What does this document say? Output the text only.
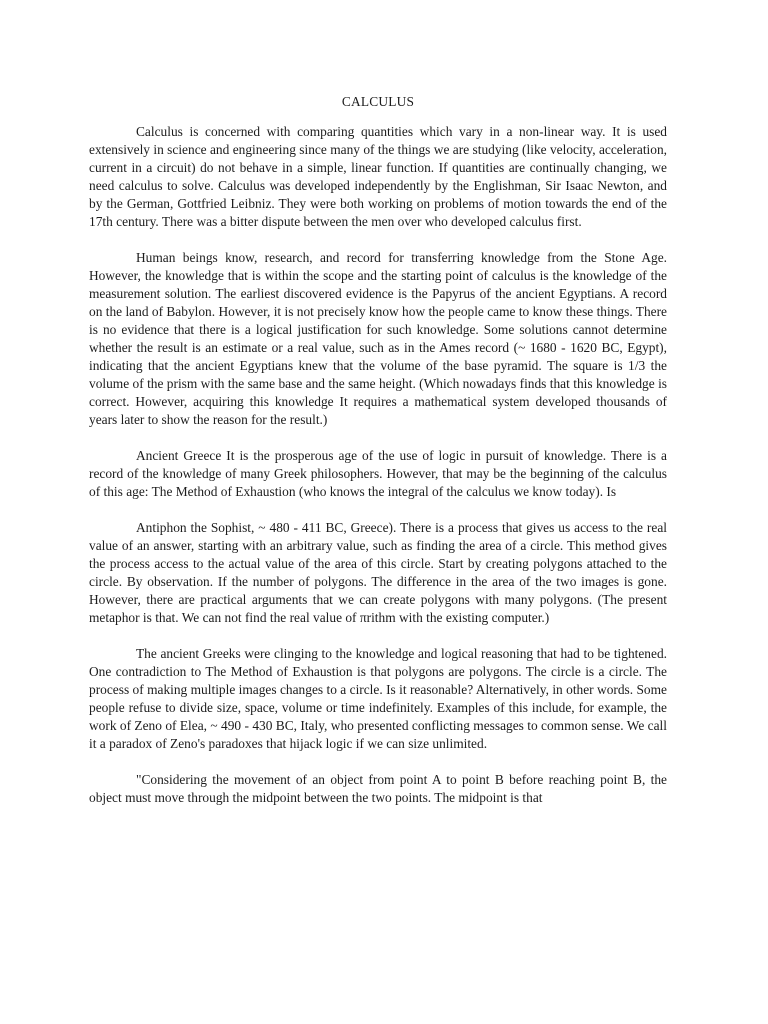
CALCULUS

Calculus is concerned with comparing quantities which vary in a non-linear way. It is used extensively in science and engineering since many of the things we are studying (like velocity, acceleration, current in a circuit) do not behave in a simple, linear function. If quantities are continually changing, we need calculus to solve. Calculus was developed independently by the Englishman, Sir Isaac Newton, and by the German, Gottfried Leibniz. They were both working on problems of motion towards the end of the 17th century. There was a bitter dispute between the men over who developed calculus first.

Human beings know, research, and record for transferring knowledge from the Stone Age. However, the knowledge that is within the scope and the starting point of calculus is the knowledge of the measurement solution. The earliest discovered evidence is the Papyrus of the ancient Egyptians. A record on the land of Babylon. However, it is not precisely know how the people came to know these things. There is no evidence that there is a logical justification for such knowledge. Some solutions cannot determine whether the result is an estimate or a real value, such as in the Ames record (~ 1680 - 1620 BC, Egypt), indicating that the ancient Egyptians knew that the volume of the base pyramid. The square is 1/3 the volume of the prism with the same base and the same height. (Which nowadays finds that this knowledge is correct. However, acquiring this knowledge It requires a mathematical system developed thousands of years later to show the reason for the result.)

Ancient Greece It is the prosperous age of the use of logic in pursuit of knowledge. There is a record of the knowledge of many Greek philosophers. However, that may be the beginning of the calculus of this age: The Method of Exhaustion (who knows the integral of the calculus we know today). Is

Antiphon the Sophist, ~ 480 - 411 BC, Greece). There is a process that gives us access to the real value of an answer, starting with an arbitrary value, such as finding the area of a circle. This method gives the process access to the actual value of the area of this circle. Start by creating polygons attached to the circle. By observation. If the number of polygons. The difference in the area of the two images is gone. However, there are practical arguments that we can create polygons with many polygons. (The present metaphor is that. We can not find the real value of πrithm with the existing computer.)

The ancient Greeks were clinging to the knowledge and logical reasoning that had to be tightened. One contradiction to The Method of Exhaustion is that polygons are polygons. The circle is a circle. The process of making multiple images changes to a circle. Is it reasonable? Alternatively, in other words. Some people refuse to divide size, space, volume or time indefinitely. Examples of this include, for example, the work of Zeno of Elea, ~ 490 - 430 BC, Italy, who presented conflicting messages to common sense. We call it a paradox of Zeno's paradoxes that hijack logic if we can size unlimited.

"Considering the movement of an object from point A to point B before reaching point B, the object must move through the midpoint between the two points. The midpoint is that
